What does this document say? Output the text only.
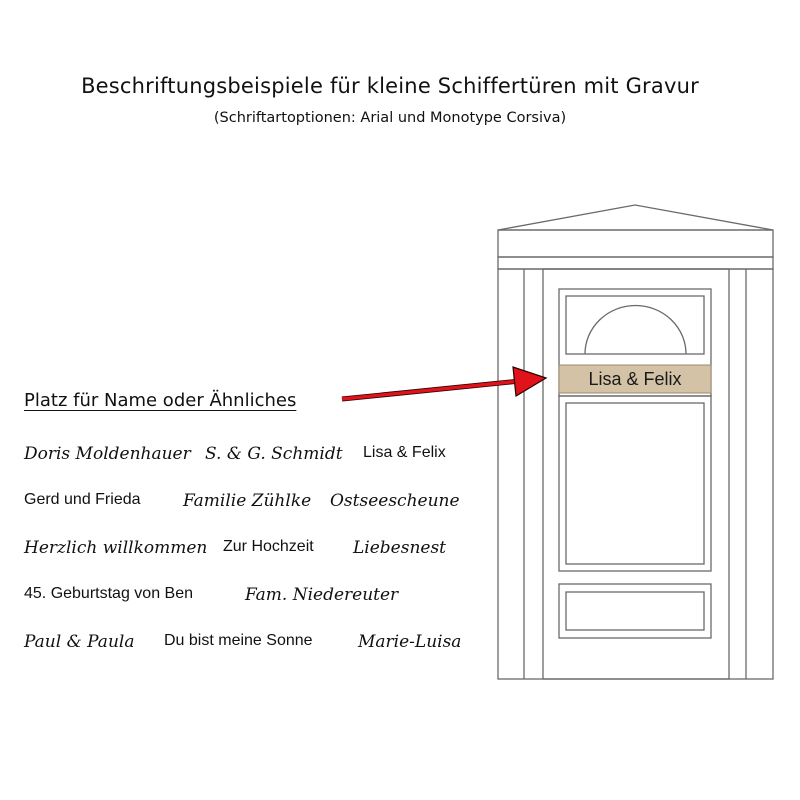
Beschriftungsbeispiele für kleine Schiffertüren mit Gravur
(Schriftartoptionen: Arial und Monotype Corsiva)
Platz für Name oder Ähnliches
Lisa & Felix
Doris Moldenhauer S. & G. Schmidt Lisa & Felix
Gerd und Frieda Familie Zühlke Ostseescheune
Herzlich willkommen Zur Hochzeit Liebesnest
45. Geburtstag von Ben	Fam. Niedereuter
Paul & Paula Du bist meine Sonne	Marie-Luisa
